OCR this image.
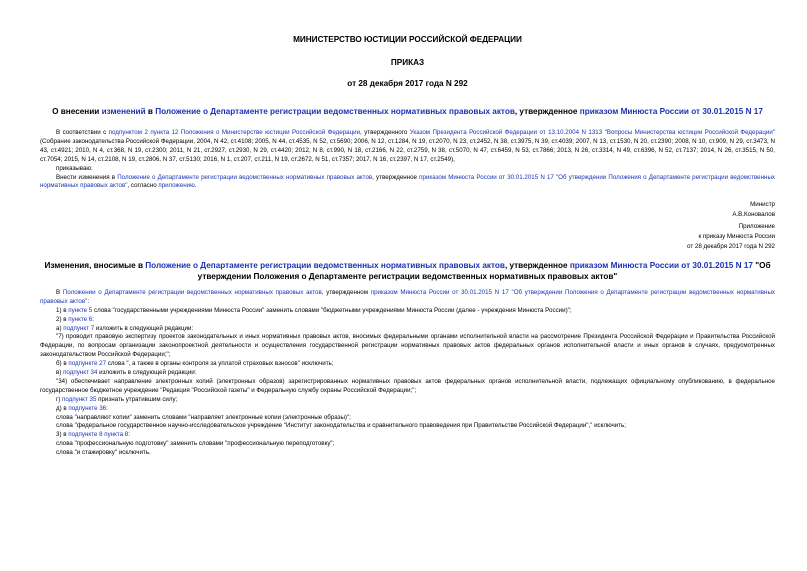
МИНИСТЕРСТВО ЮСТИЦИИ РОССИЙСКОЙ ФЕДЕРАЦИИ
ПРИКАЗ
от 28 декабря 2017 года N 292
О внесении изменений в Положение о Департаменте регистрации ведомственных нормативных правовых актов, утвержденное приказом Минюста России от 30.01.2015 N 17

В соответствии с подпунктом 2 пункта 12 Положения о Министерстве юстиции Российской Федерации, утвержденного Указом Президента Российской Федерации от 13.10.2004 N 1313 "Вопросы Министерства юстиции Российской Федерации" (Собрание законодательства Российской Федерации, 2004, N 42, ст.4108; 2005, N 44, ст.4535, N 52, ст.5690; 2006, N 12, ст.1284, N 19, ст.2070, N 23, ст.2452, N 38, ст.3975, N 39, ст.4039; 2007, N 13, ст.1530, N 20, ст.2390; 2008, N 10, ст.909, N 29, ст.3473, N 43, ст.4921; 2010, N 4, ст.368, N 19, ст.2300; 2011, N 21, ст.2927, ст.2930, N 29, ст.4420; 2012, N 8, ст.990, N 18, ст.2166, N 22, ст.2759, N 38, ст.5070, N 47, ст.6459, N 53, ст.7866; 2013, N 26, ст.3314, N 49, ст.6396, N 52, ст.7137; 2014, N 26, ст.3515, N 50, ст.7054; 2015, N 14, ст.2108, N 19, ст.2806, N 37, ст.5130; 2016, N 1, ст.207, ст.211, N 19, ст.2672, N 51, ст.7357; 2017, N 16, ст.2397, N 17, ст.2549),

приказываю:

Внести изменения в Положение о Департаменте регистрации ведомственных нормативных правовых актов, утвержденное приказом Минюста России от 30.01.2015 N 17 "Об утверждении Положения о Департаменте регистрации ведомственных нормативных правовых актов", согласно приложению.

Министр
А.В.Коновалов
Приложение
к приказу Минюста России
от 28 декабря 2017 года N 292
Изменения, вносимые в Положение о Департаменте регистрации ведомственных нормативных правовых актов, утвержденное приказом Минюста России от 30.01.2015 N 17 "Об утверждении Положения о Департаменте регистрации ведомственных нормативных правовых актов"

В Положении о Департаменте регистрации ведомственных нормативных правовых актов, утвержденном приказом Минюста России от 30.01.2015 N 17 "Об утверждении Положения о Департаменте регистрации ведомственных нормативных правовых актов":

1) в пункте 5 слова "государственными учреждениями Минюста России" заменить словами "бюджетными учреждениями Минюста России (далее - учреждения Минюста России)";

2) в пункте 6:

а) подпункт 7 изложить в следующей редакции:

"7) проводит правовую экспертизу проектов законодательных и иных нормативных правовых актов, вносимых федеральными органами исполнительной власти на рассмотрение Президента Российской Федерации и Правительства Российской Федерации, по вопросам организации законопроектной деятельности и осуществления государственной регистрации нормативных правовых актов федеральных органов исполнительной власти и иных органов в случаях, предусмотренных законодательством Российской Федерации;";

б) в подпункте 27 слова ", а также в органы контроля за уплатой страховых взносов" исключить;

в) подпункт 34 изложить в следующей редакции:

"34) обеспечивает направление электронных копий (электронных образов) зарегистрированных нормативных правовых актов федеральных органов исполнительной власти, подлежащих официальному опубликованию, в федеральное государственное бюджетное учреждение "Редакция "Российской газеты" и Федеральную службу охраны Российской Федерации;";

г) подпункт 35 признать утратившим силу;

д) в подпункте 36:

слова "направляют копии" заменить словами "направляет электронные копии (электронные образы)";

слова "федеральное государственное научно-исследовательское учреждение "Институт законодательства и сравнительного правоведения при Правительстве Российской Федерации"," исключить;

3) в подпункте 8 пункта 8:

слова "профессиональную подготовку" заменить словами "профессиональную переподготовку";

слова "и стажировку" исключить.
